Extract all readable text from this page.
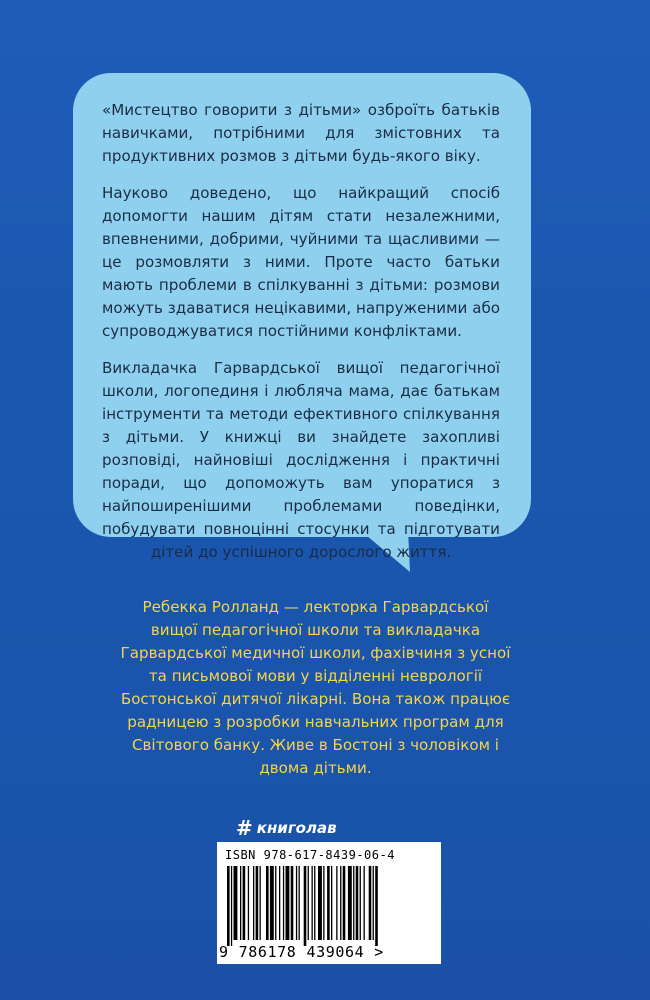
«Мистецтво говорити з дітьми» озброїть батьків навичками, потрібними для змістовних та продуктивних розмов з дітьми будь-якого віку.

Науково доведено, що найкращий спосіб допомогти нашим дітям стати незалежними, впевненими, добрими, чуйними та щасливими — це розмовляти з ними. Проте часто батьки мають проблеми в спілкуванні з дітьми: розмови можуть здаватися нецікавими, напруженими або супроводжуватися постійними конфліктами.

Викладачка Гарвардської вищої педагогічної школи, логопединя і любляча мама, дає батькам інструменти та методи ефективного спілкування з дітьми. У книжці ви знайдете захопливі розповіді, найновіші дослідження і практичні поради, що допоможуть вам упоратися з найпоширенішими проблемами поведінки, побудувати повноцінні стосунки та підготувати дітей до успішного дорослого життя.

Ребекка Ролланд — лекторка Гарвардської вищої педагогічної школи та викладачка Гарвардської медичної школи, фахівчиня з усної та письмової мови у відділенні неврології Бостонської дитячої лікарні. Вона також працює радницею з розробки навчальних програм для Світового банку. Живе в Бостоні з чоловіком і двома дітьми.
# книголав
ISBN 978-617-8439-06-4
9 786178 439064 >
